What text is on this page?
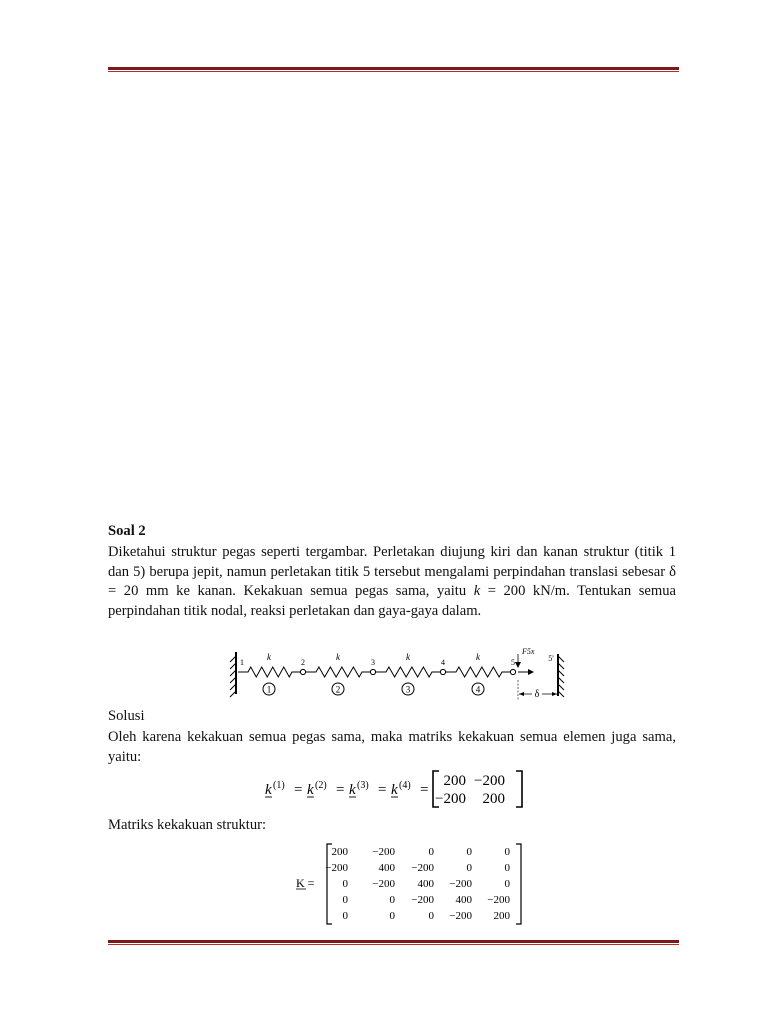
Soal 2
Diketahui struktur pegas seperti tergambar. Perletakan diujung kiri dan kanan struktur (titik 1 dan 5) berupa jepit, namun perletakan titik 5 tersebut mengalami perpindahan translasi sebesar δ = 20 mm ke kanan. Kekakuan semua pegas sama, yaitu k = 200 kN/m. Tentukan semua perpindahan titik nodal, reaksi perletakan dan gaya-gaya dalam.
k	k	k	k
1	2	3	4	5	5'
1	2	3	4
F5x
δ
Solusi
Oleh karena kekakuan semua pegas sama, maka matriks kekakuan semua elemen juga sama, yaitu:
k (1) = k (2) = k (3) = k (4) =
200 −200
−200 200
Matriks kekakuan struktur:
K =
200 −200	0	0	0
−200	400 −200	0	0
0 −200 400 −200	0
0	0 −200 400 −200
0	0	0 −200 200
